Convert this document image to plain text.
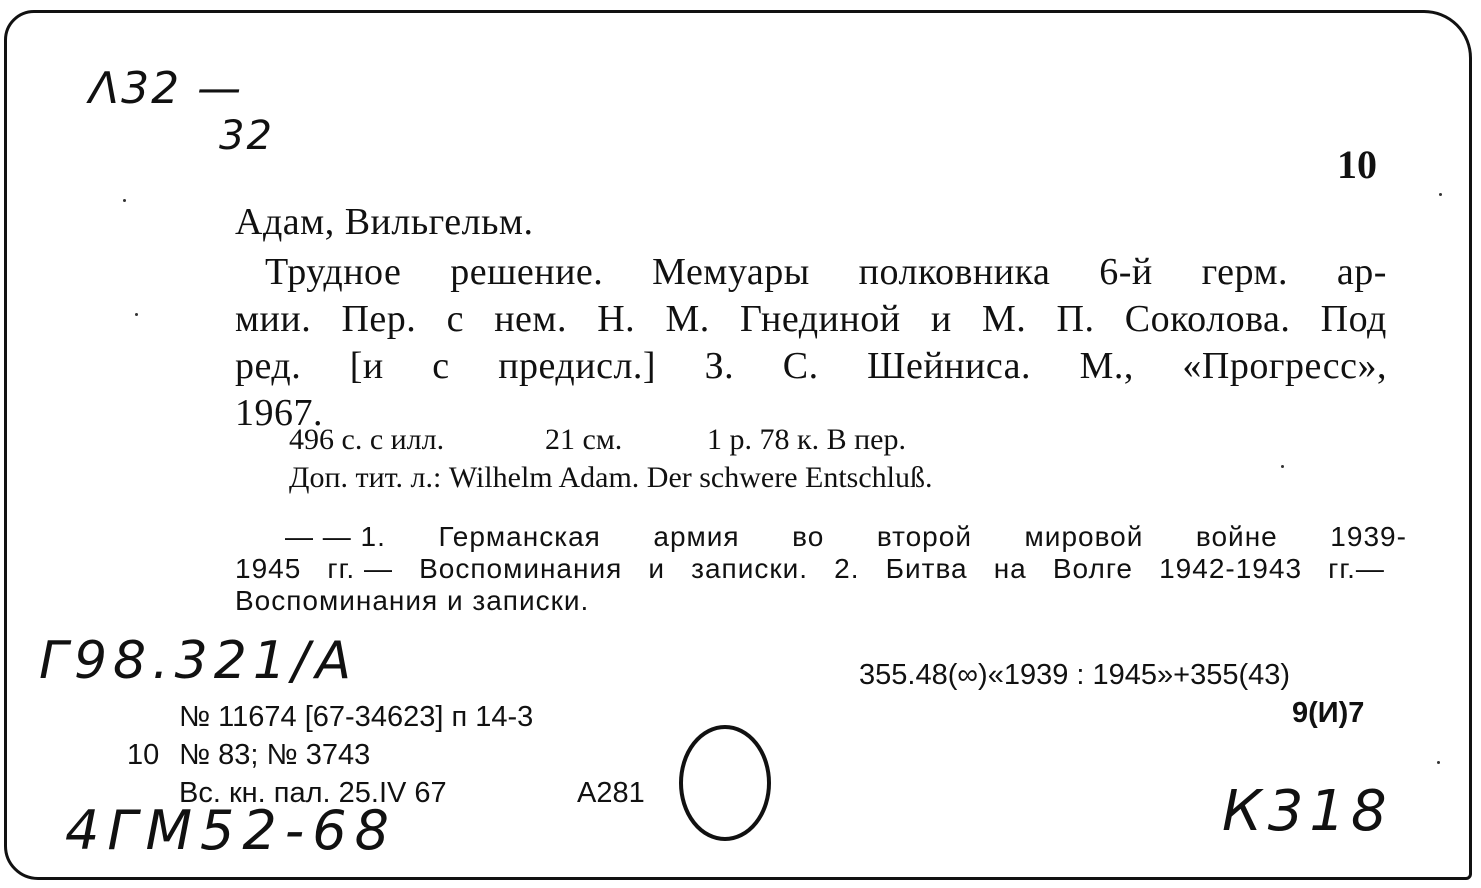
Λ32 —
32
10
Адам, Вильгельм.
Трудное решение. Мемуары полковника 6-й герм. ар-
мии. Пер. с нем. Н. М. Гнединой и М. П. Соколова. Под
ред. [и с предисл.] З. С. Шейниса. М., «Прогресс»,
1967.
496 с. с илл.	21 см.	1 р. 78 к. В пер.
Доп. тит. л.: Wilhelm Adam. Der schwere Entschluß.
— — 1. Германская армия во второй мировой войне 1939-
1945 гг. — Воспоминания и записки. 2. Битва на Волге 1942-1943 гг.—
Воспоминания и записки.
Г98.321/А	355.48(∞)«1939 : 1945»+355(43)
9(И)7
№ 11674 [67-34623] п 14-3
10 № 83; № 3743
Вс. кн. пал. 25.IV 67	А281
4ГМ52-68	К318
